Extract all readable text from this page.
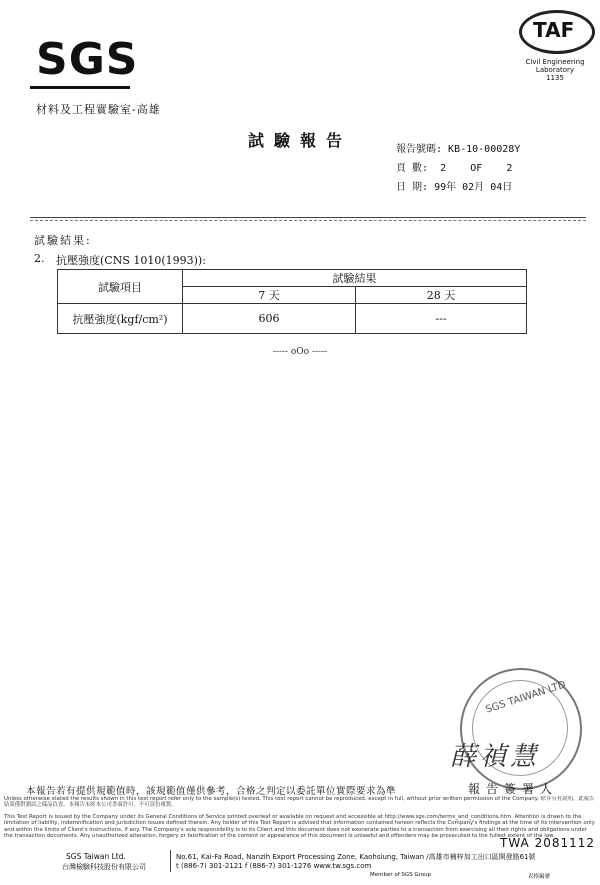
SGS
材料及工程實驗室-高雄
TAF
Civil Engineering
Laboratory
1135
試驗報告	報告號碼: KB-10-00028Y
頁 數:  2 OF 2
日 期: 99年 02月 04日
試驗結果:
2. 抗壓強度(CNS 1010(1993)):
試驗項目	試驗結果	
	7 天	28 天
抗壓強度(kgf/cm²)	606	---
----- oOo -----
SGS TAIWAN LTD
薛禎慧
報告簽署人
本報告若有提供規範值時，該規範值僅供參考，合格之判定以委託單位實際要求為準
Unless otherwise stated the results shown in this test report refer only to the sample(s) tested. This test report cannot be reproduced, except in full, without prior written permission of the Company. 除非另有說明，此報告結果僅對測試之樣品負責。本報告未經本公司書面許可，不可部份複製。
This Test Report is issued by the Company under its General Conditions of Service printed overleaf or available on request and accessible at http://www.sgs.com/terms_and_conditions.htm. Attention is drawn to the limitation of liability, indemnification and jurisdiction issues defined therein. Any holder of this Test Report is advised that information contained hereon reflects the Company's findings at the time of its intervention only and within the limits of Client's instructions, if any. The Company's sole responsibility is to its Client and this document does not exonerate parties to a transaction from exercising all their rights and obligations under the transaction documents. Any unauthorized alteration, forgery or falsification of the content or appearance of this document is unlawful and offenders may be prosecuted to the fullest extent of the law.
TWA 2081112
SGS Taiwan Ltd.
台灣檢驗科技股份有限公司
No.61, Kai-Fa Road, Nanzih Export Processing Zone, Kaohsiung, Taiwan /高雄市楠梓加工出口區開發路61號
t (886-7) 301-2121 f (886-7) 301-1276 www.tw.sgs.com
Member of SGS Group	表格編號
